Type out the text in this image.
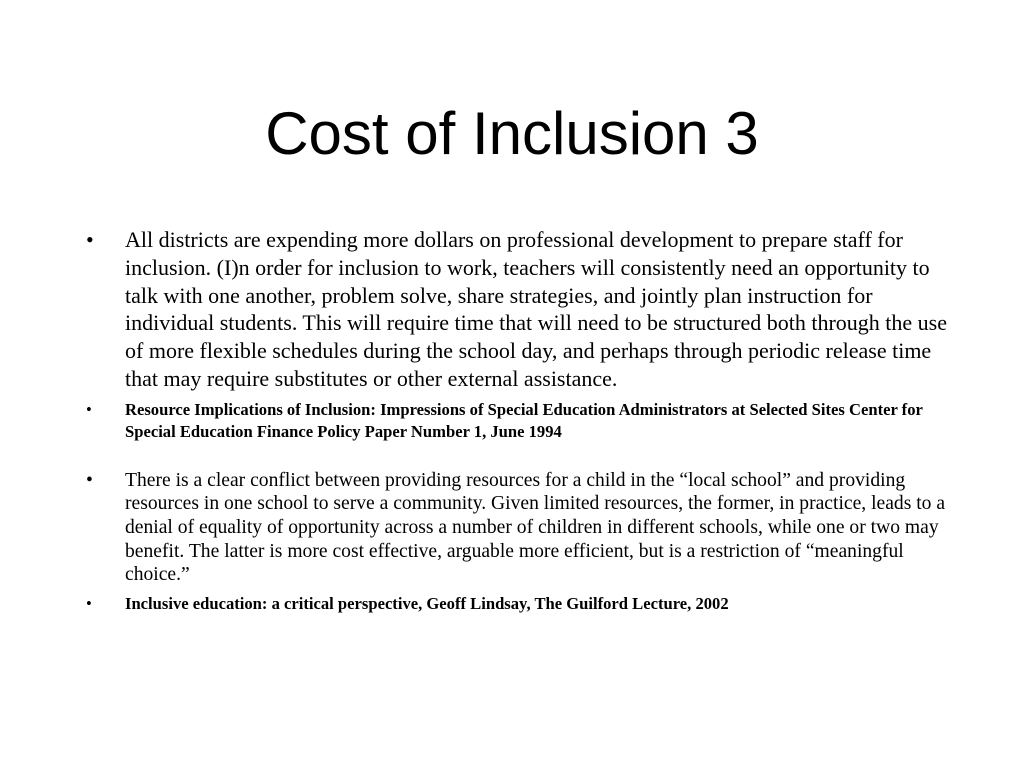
Cost of Inclusion 3
• All districts are expending more dollars on professional development to prepare staff for inclusion. (I)n order for inclusion to work, teachers will consistently need an opportunity to talk with one another, problem solve, share strategies, and jointly plan instruction for individual students. This will require time that will need to be structured both through the use of more flexible schedules during the school day, and perhaps through periodic release time that may require substitutes or other external assistance.
• Resource Implications of Inclusion: Impressions of Special Education Administrators at Selected Sites Center for Special Education Finance Policy Paper Number 1, June 1994
• There is a clear conflict between providing resources for a child in the “local school” and providing resources in one school to serve a community. Given limited resources, the former, in practice, leads to a denial of equality of opportunity across a number of children in different schools, while one or two may benefit. The latter is more cost effective, arguable more efficient, but is a restriction of “meaningful choice.”
• Inclusive education: a critical perspective, Geoff Lindsay, The Guilford Lecture, 2002
